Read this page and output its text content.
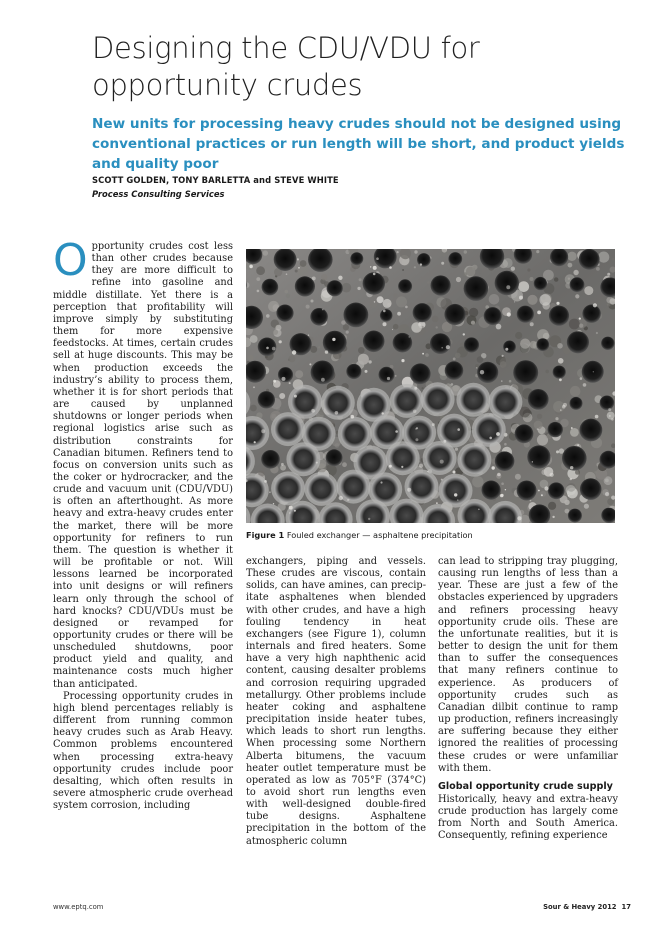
Designing the CDU/VDU for opportunity crudes

New units for processing heavy crudes should not be designed using conventional practices or run length will be short, and product yields and quality poor

SCOTT GOLDEN, TONY BARLETTA and STEVE WHITE

Process Consulting Services

Opportunity crudes cost less than other crudes because they are more difficult to refine into gasoline and middle distillate. Yet there is a perception that profitability will improve simply by substituting them for more expensive feedstocks. At times, certain crudes sell at huge discounts. This may be when production exceeds the industry’s ability to process them, whether it is for short periods that are caused by unplanned shutdowns or longer periods when regional logistics arise such as distribution constraints for Canadian bitumen. Refiners tend to focus on conversion units such as the coker or hydrocracker, and the crude and vacuum unit (CDU/VDU) is often an afterthought. As more heavy and extra-heavy crudes enter the market, there will be more opportunity for refiners to run them. The question is whether it will be profitable or not. Will lessons learned be incorporated into unit designs or will refiners learn only through the school of hard knocks? CDU/VDUs must be designed or revamped for opportunity crudes or there will be unscheduled shutdowns, poor product yield and quality, and maintenance costs much higher than anticipated.

Processing opportunity crudes in high blend percentages reliably is different from running common heavy crudes such as Arab Heavy. Common problems encountered when processing extra-heavy opportunity crudes include poor desalting, which often results in severe atmospheric crude overhead system corrosion, including

Figure 1 Fouled exchanger — asphaltene precipitation

exchangers, piping and vessels. These crudes are viscous, contain solids, can have amines, can precipitate asphaltenes when blended with other crudes, and have a high fouling tendency in heat exchangers (see Figure 1), column internals and fired heaters. Some have a very high naphthenic acid content, causing desalter problems and corrosion requiring upgraded metallurgy. Other problems include heater coking and asphaltene precipitation inside heater tubes, which leads to short run lengths. When processing some Northern Alberta bitumens, the vacuum heater outlet temperature must be operated as low as 705°F (374°C) to avoid short run lengths even with well-designed double-fired tube designs. Asphaltene precipitation in the bottom of the atmospheric column

can lead to stripping tray plugging, causing run lengths of less than a year. These are just a few of the obstacles experienced by upgraders and refiners processing heavy opportunity crude oils. These are the unfortunate realities, but it is better to design the unit for them than to suffer the consequences that many refiners continue to experience. As producers of opportunity crudes such as Canadian dilbit continue to ramp up production, refiners increasingly are suffering because they either ignored the realities of processing these crudes or were unfamiliar with them.

Global opportunity crude supply

Historically, heavy and extra-heavy crude production has largely come from North and South America. Consequently, refining experience

www.eptq.com	Sour & Heavy 2012 17
